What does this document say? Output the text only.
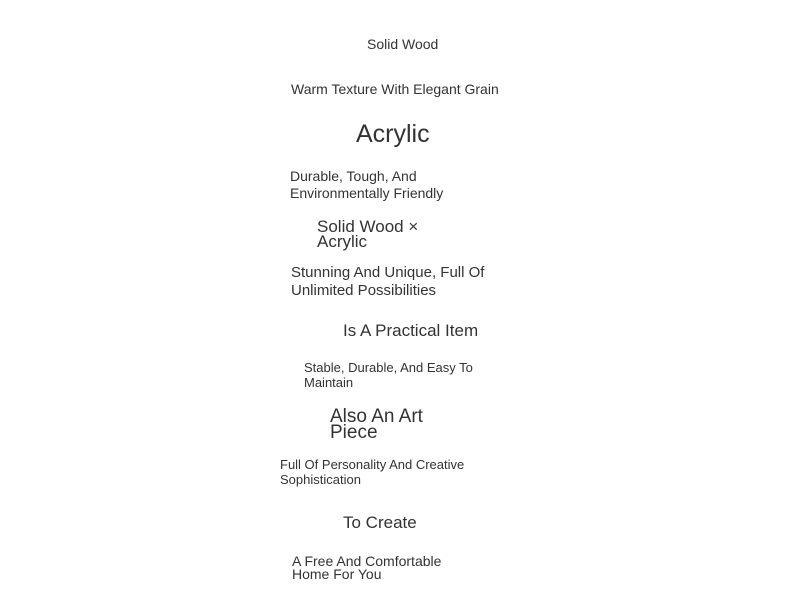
Solid Wood
Warm Texture With Elegant Grain
Acrylic
Durable, Tough, And Environmentally Friendly
Solid Wood × Acrylic
Stunning And Unique, Full Of Unlimited Possibilities
Is A Practical Item
Stable, Durable, And Easy To Maintain
Also An Art Piece
Full Of Personality And Creative Sophistication
To Create
A Free And Comfortable Home For You
